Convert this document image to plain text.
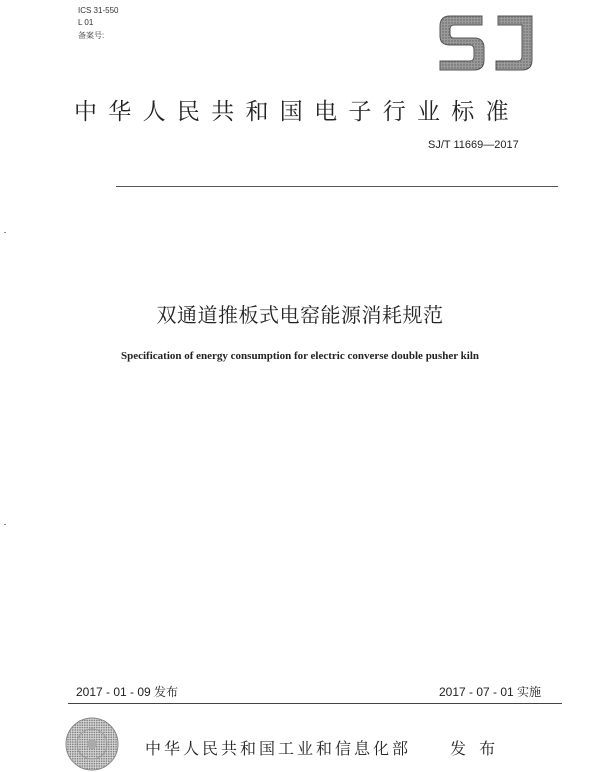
ICS 31-550
L 01
备案号:
中华人民共和国电子行业标准
SJ/T 11669—2017
双通道推板式电窑能源消耗规范
Specification of energy consumption for electric converse double pusher kiln
2017 - 01 - 09 发布	2017 - 07 - 01 实施
中华人民共和国工业和信息化部 发 布
